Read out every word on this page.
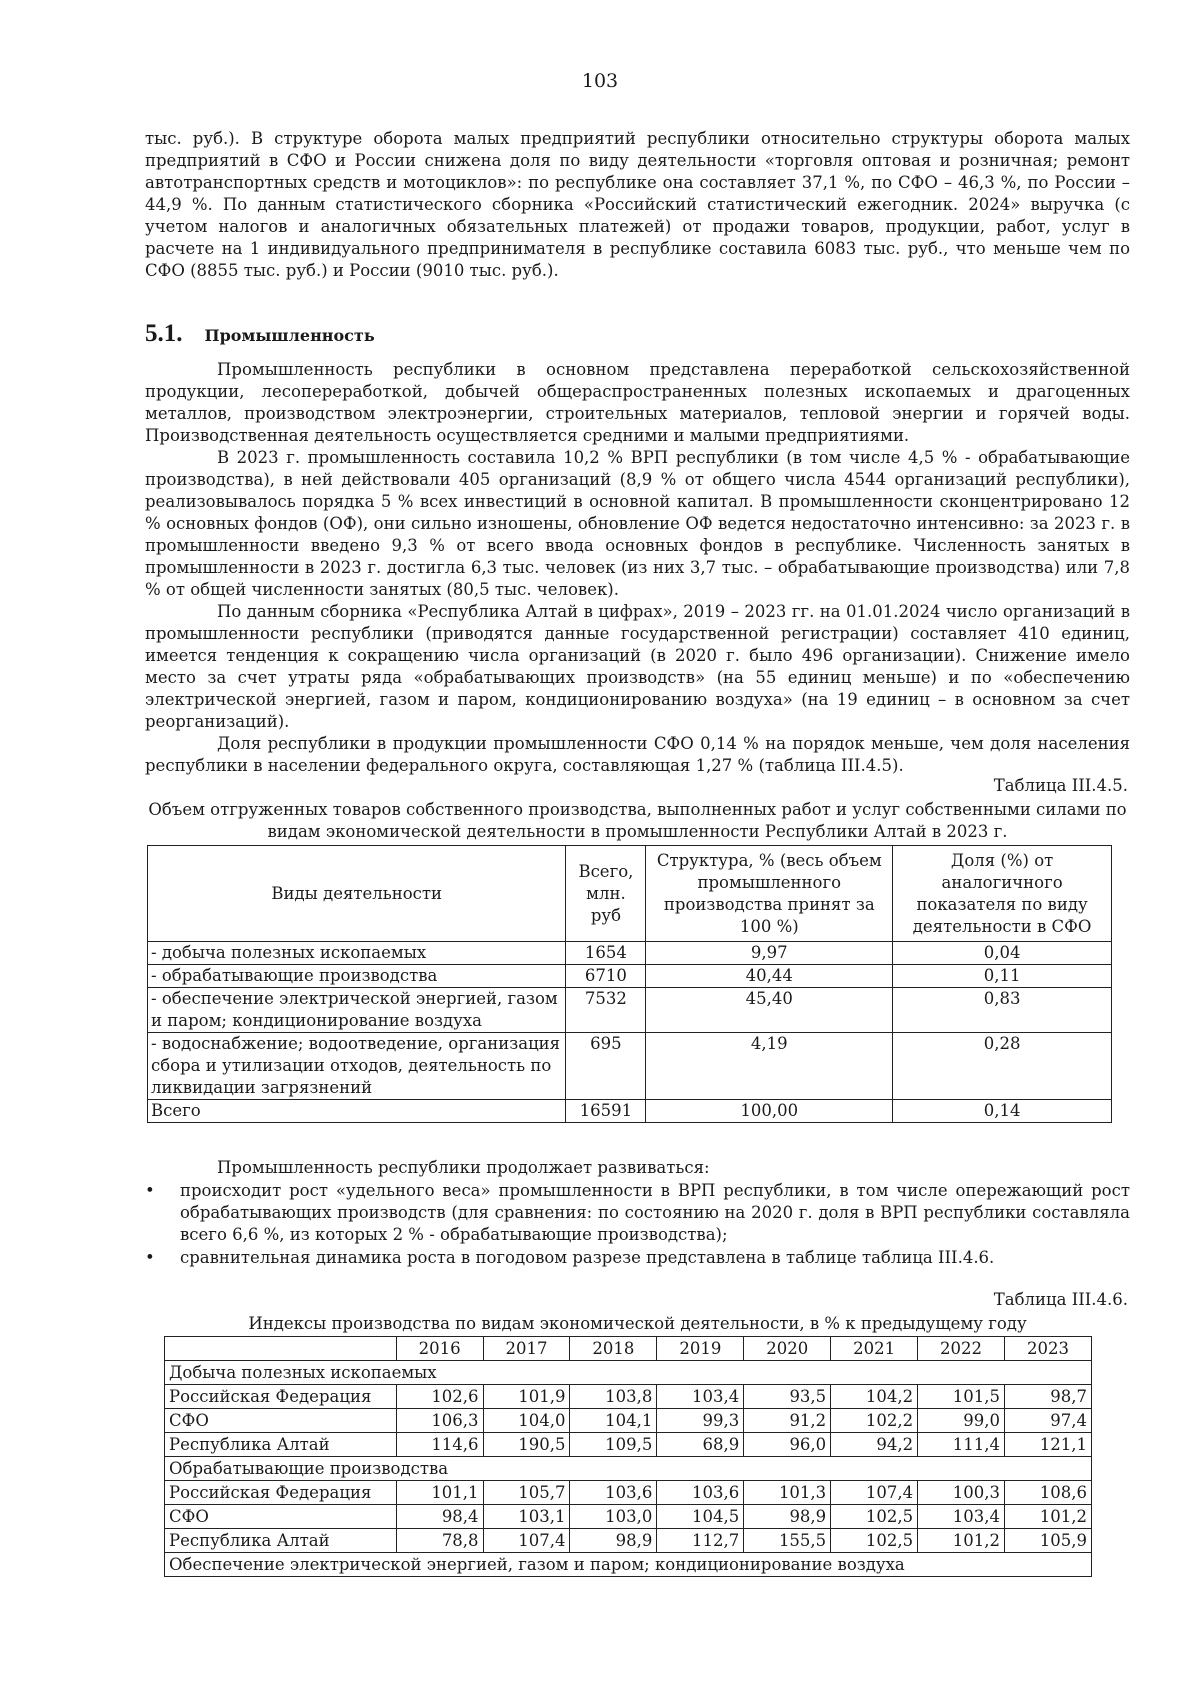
103

тыс. руб.). В структуре оборота малых предприятий республики относительно структуры оборота малых предприятий в СФО и России снижена доля по виду деятельности «торговля оптовая и розничная; ремонт автотранспортных средств и мотоциклов»: по республике она составляет 37,1 %, по СФО – 46,3 %, по России – 44,9 %. По данным статистического сборника «Российский статистический ежегодник. 2024» выручка (с учетом налогов и аналогичных обязательных платежей) от продажи товаров, продукции, работ, услуг в расчете на 1 индивидуального предпринимателя в республике составила 6083 тыс. руб., что меньше чем по СФО (8855 тыс. руб.) и России (9010 тыс. руб.).

5.1. Промышленность

Промышленность республики в основном представлена переработкой сельскохозяйственной продукции, лесопереработкой, добычей общераспространенных полезных ископаемых и драгоценных металлов, производством электроэнергии, строительных материалов, тепловой энергии и горячей воды. Производственная деятельность осуществляется средними и малыми предприятиями.

В 2023 г. промышленность составила 10,2 % ВРП республики (в том числе 4,5 % - обрабатывающие производства), в ней действовали 405 организаций (8,9 % от общего числа 4544 организаций республики), реализовывалось порядка 5 % всех инвестиций в основной капитал. В промышленности сконцентрировано 12 % основных фондов (ОФ), они сильно изношены, обновление ОФ ведется недостаточно интенсивно: за 2023 г. в промышленности введено 9,3 % от всего ввода основных фондов в республике. Численность занятых в промышленности в 2023 г. достигла 6,3 тыс. человек (из них 3,7 тыс. – обрабатывающие производства) или 7,8 % от общей численности занятых (80,5 тыс. человек).

По данным сборника «Республика Алтай в цифрах», 2019 – 2023 гг. на 01.01.2024 число организаций в промышленности республики (приводятся данные государственной регистрации) составляет 410 единиц, имеется тенденция к сокращению числа организаций (в 2020 г. было 496 организации). Снижение имело место за счет утраты ряда «обрабатывающих производств» (на 55 единиц меньше) и по «обеспечению электрической энергией, газом и паром, кондиционированию воздуха» (на 19 единиц – в основном за счет реорганизаций).

Доля республики в продукции промышленности СФО 0,14 % на порядок меньше, чем доля населения республики в населении федерального округа, составляющая 1,27 % (таблица III.4.5).

Таблица III.4.5.
Объем отгруженных товаров собственного производства, выполненных работ и услуг собственными силами по видам экономической деятельности в промышленности Республики Алтай в 2023 г.
Виды деятельности	Всего, млн. руб	Структура, % (весь объем промышленного производства принят за 100 %)	Доля (%) от аналогичного показателя по виду деятельности в СФО
- добыча полезных ископаемых	1654	9,97	0,04
- обрабатывающие производства	6710	40,44	0,11
- обеспечение электрической энергией, газом и паром; кондиционирование воздуха	7532	45,40	0,83
- водоснабжение; водоотведение, организация сбора и утилизации отходов, деятельность по ликвидации загрязнений	695	4,19	0,28
Всего	16591	100,00	0,14

Промышленность республики продолжает развиваться:

• происходит рост «удельного веса» промышленности в ВРП республики, в том числе опережающий рост обрабатывающих производств (для сравнения: по состоянию на 2020 г. доля в ВРП республики составляла всего 6,6 %, из которых 2 % - обрабатывающие производства);
• сравнительная динамика роста в погодовом разрезе представлена в таблице таблица III.4.6.
Таблица III.4.6.
Индексы производства по видам экономической деятельности, в % к предыдущему году
	2016	2017	2018	2019	2020	2021	2022	2023
Добыча полезных ископаемых								
Российская Федерация	102,6	101,9	103,8	103,4	93,5	104,2	101,5	98,7
СФО	106,3	104,0	104,1	99,3	91,2	102,2	99,0	97,4
Республика Алтай	114,6	190,5	109,5	68,9	96,0	94,2	111,4	121,1
Обрабатывающие производства								
Российская Федерация	101,1	105,7	103,6	103,6	101,3	107,4	100,3	108,6
СФО	98,4	103,1	103,0	104,5	98,9	102,5	103,4	101,2
Республика Алтай	78,8	107,4	98,9	112,7	155,5	102,5	101,2	105,9
Обеспечение электрической энергией, газом и паром; кондиционирование воздуха								
